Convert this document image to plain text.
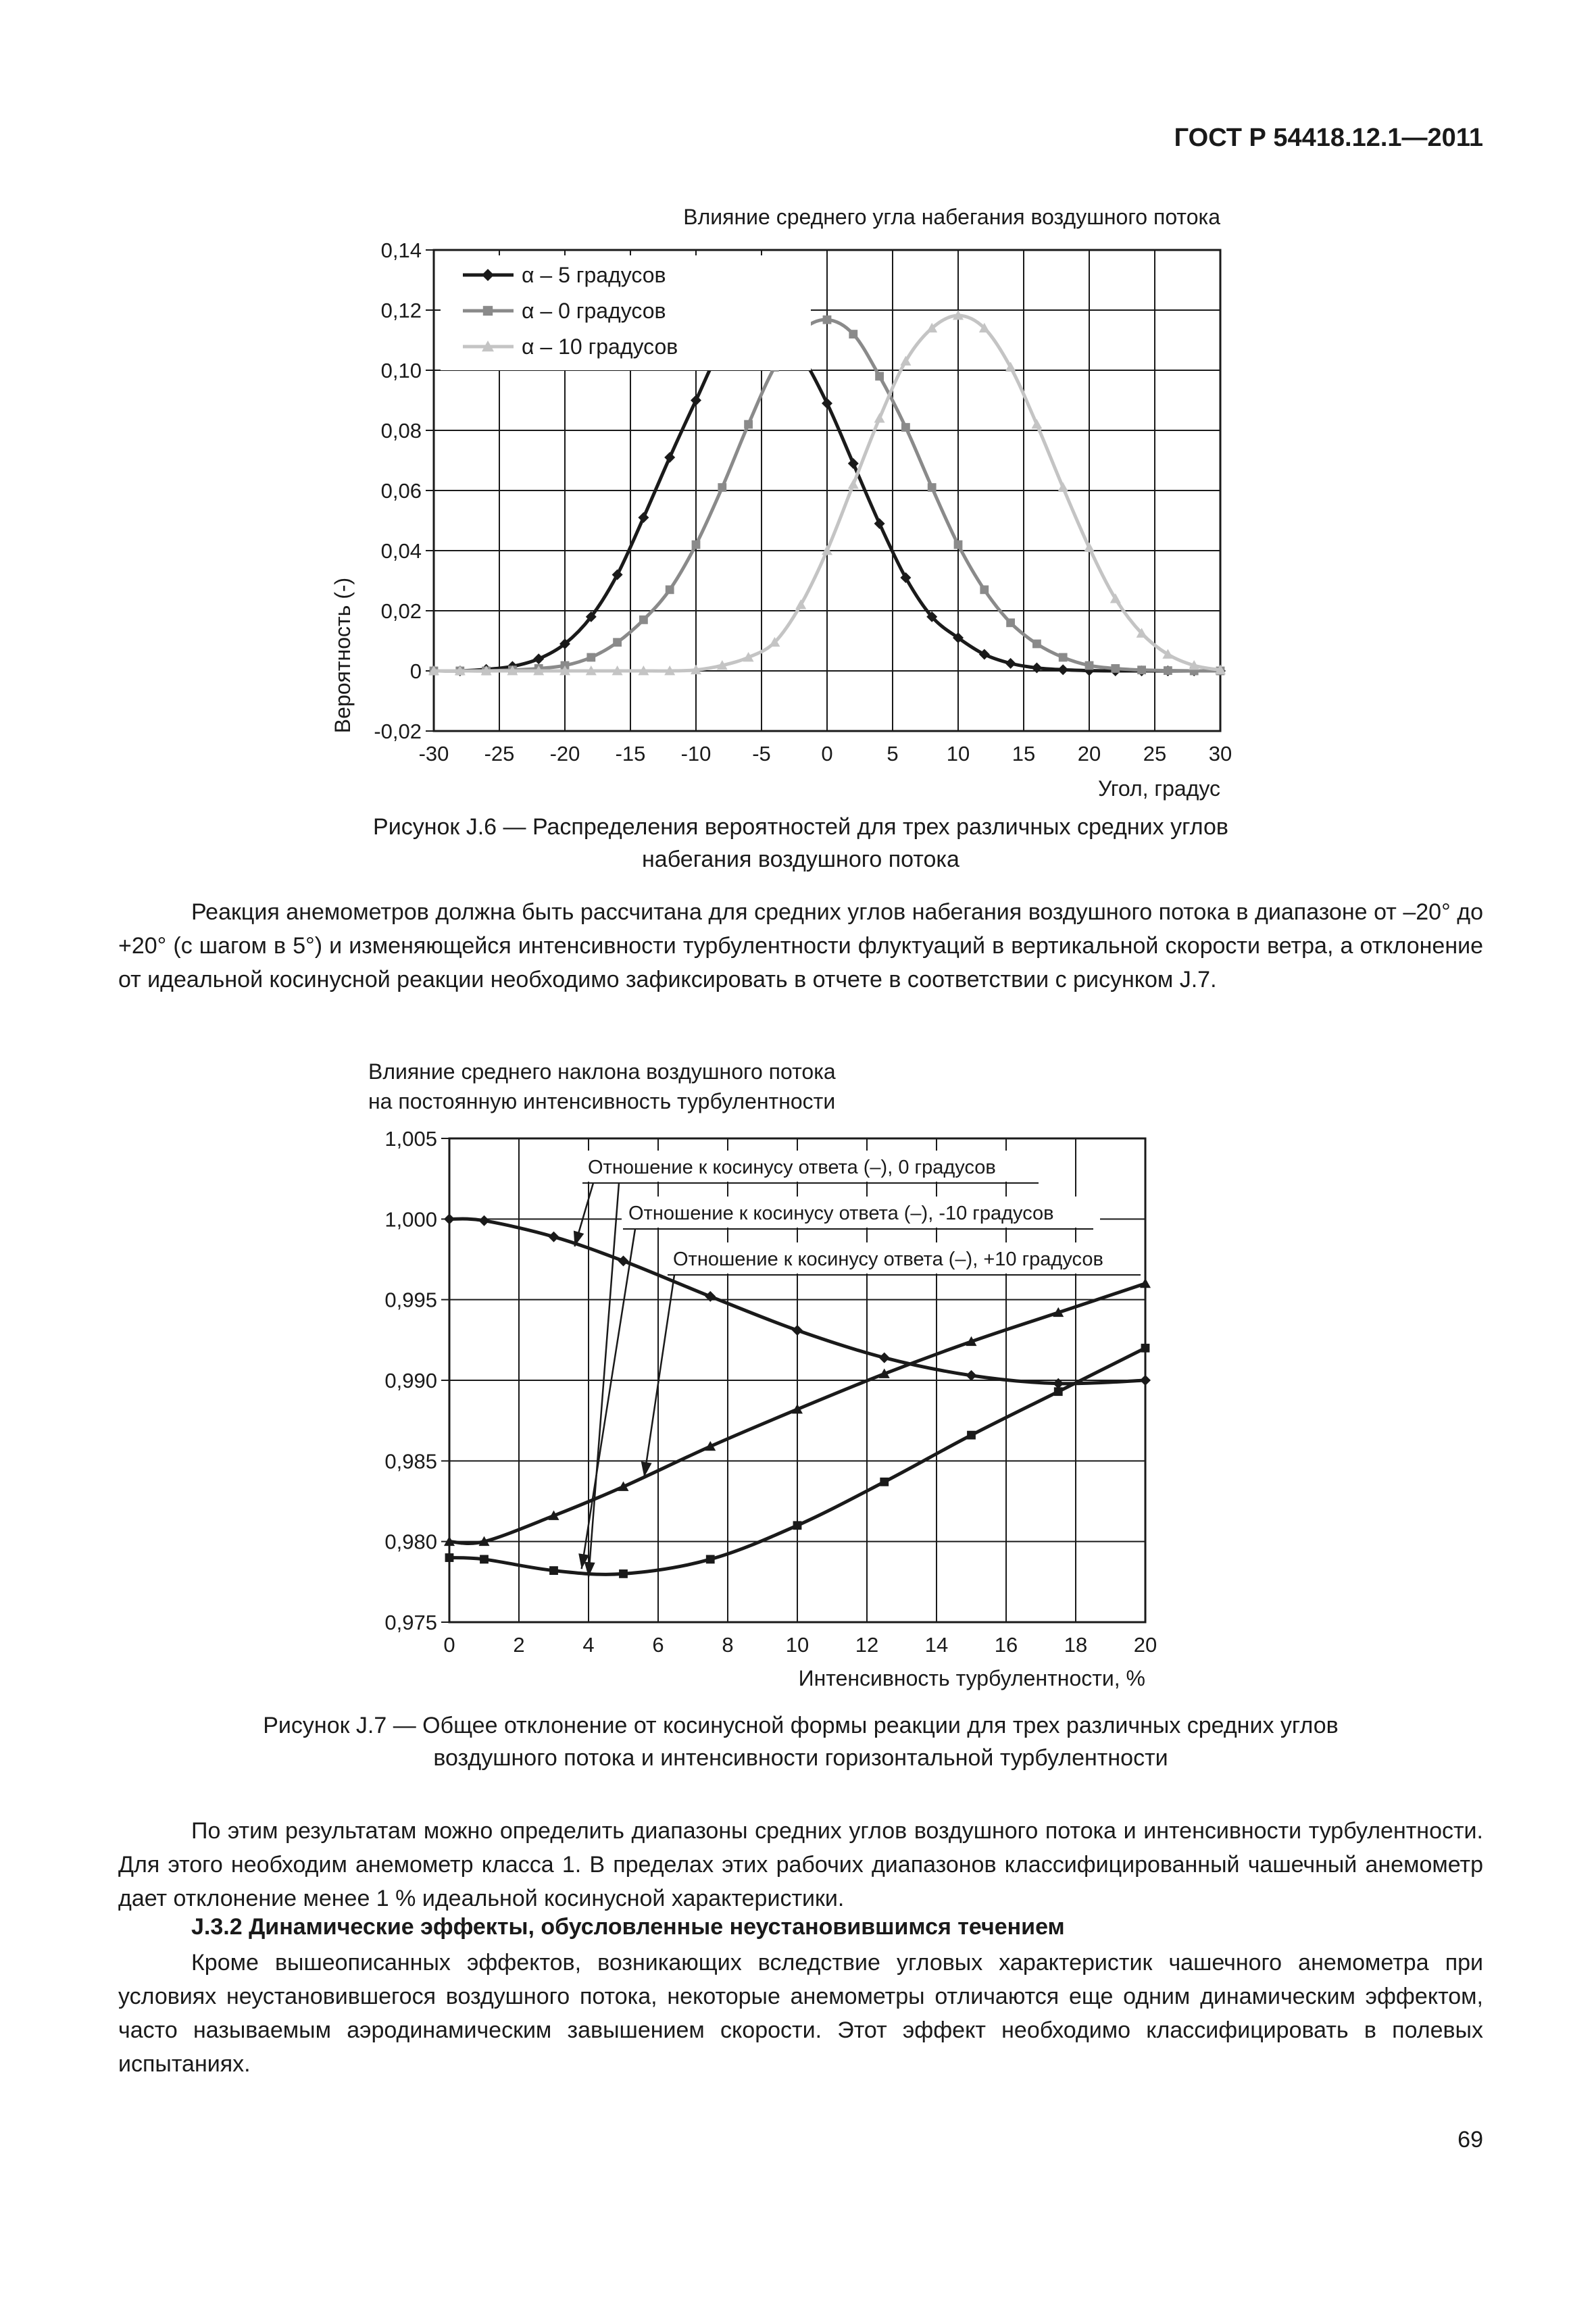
ГОСТ Р 54418.12.1—2011
-30 -25 -20 -15 -10 -5 0	5 10 15 20 25 30
-0,02
0
0,02
0,04
0,06
0,08
0,10
0,12
0,14
Влияние среднего угла набегания воздушного потока
Угол, градус
Вероятность (-)
α – 5 градусов
α – 0 градусов
α – 10 градусов
Рисунок J.6 — Распределения вероятностей для трех различных средних углов
набегания воздушного потока
Реакция анемометров должна быть рассчитана для средних углов набегания воздушного потока в диапазоне от –20° до +20° (с шагом в 5°) и изменяющейся интенсивности турбулентности флуктуаций в вертикальной скорости ветра, а отклонение от идеальной косинусной реакции необходимо зафиксировать в отчете в соответствии с рисунком J.7.
0	2	4	6	8 10 12 14 16 18 20
0,975
0,980
0,985
0,990
0,995
1,000
1,005
Отношение к косинусу ответа (–), 0 градусов
Отношение к косинусу ответа (–), -10 градусов
Отношение к косинусу ответа (–), +10 градусов
Влияние среднего наклона воздушного потока
на постоянную интенсивность турбулентности
Интенсивность турбулентности, %
Рисунок J.7 — Общее отклонение от косинусной формы реакции для трех различных средних углов
воздушного потока и интенсивности горизонтальной турбулентности
По этим результатам можно определить диапазоны средних углов воздушного потока и интенсивности турбулентности. Для этого необходим анемометр класса 1. В пределах этих рабочих диапазонов классифицированный чашечный анемометр дает отклонение менее 1 % идеальной косинусной характеристики.
J.3.2 Динамические эффекты, обусловленные неустановившимся течением
Кроме вышеописанных эффектов, возникающих вследствие угловых характеристик чашечного анемометра при условиях неустановившегося воздушного потока, некоторые анемометры отличаются еще одним динамическим эффектом, часто называемым аэродинамическим завышением скорости. Этот эффект необходимо классифицировать в полевых испытаниях.
69
